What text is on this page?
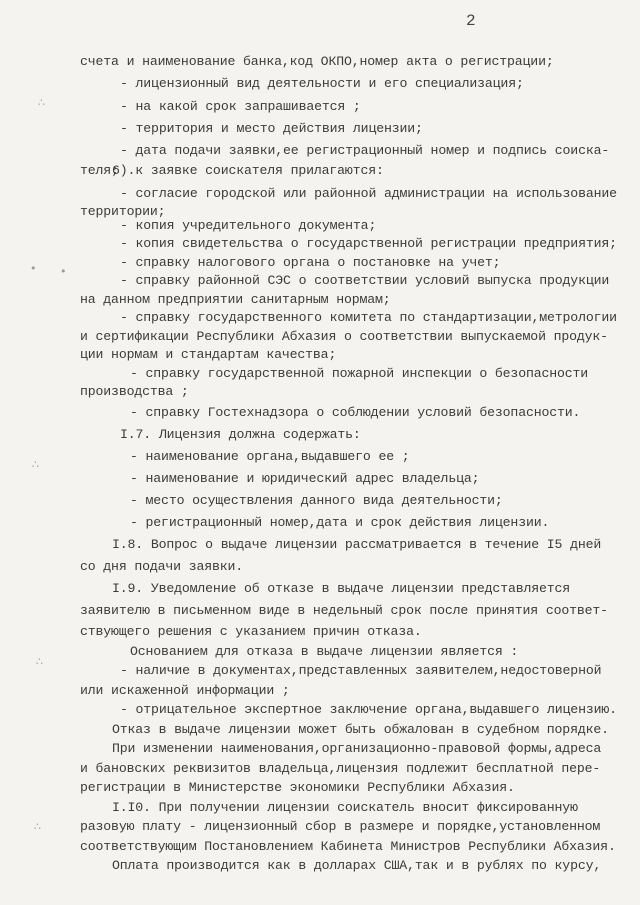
2
счета и наименование банка,код ОКПО,номер акта о регистрации;
- лицензионный вид деятельности и его специализация;
- на какой срок запрашивается ;
- территория и место действия лицензии;
- дата подачи заявки,ее регистрационный номер и подпись соиска-
теля;
6).к заявке соискателя прилагаются:
- согласие городской или районной администрации на использование
территории;
- копия учредительного документа;
- копия свидетельства о государственной регистрации предприятия;
- справку налогового органа о постановке на учет;
- справку районной СЭС о соответствии условий выпуска продукции
на данном предприятии санитарным нормам;
- справку государственного комитета по стандартизации,метрологии
и сертификации Республики Абхазия о соответствии выпускаемой продук-
ции нормам и стандартам качества;
- справку государственной пожарной инспекции о безопасности
производства ;
- справку Гостехнадзора о соблюдении условий безопасности.
I.7. Лицензия должна содержать:
- наименование органа,выдавшего ее ;
- наименование и юридический адрес владельца;
- место осуществления данного вида деятельности;
- регистрационный номер,дата и срок действия лицензии.
I.8. Вопрос о выдаче лицензии рассматривается в течение I5 дней
со дня подачи заявки.
I.9. Уведомление об отказе в выдаче лицензии представляется
заявителю в письменном виде в недельный срок после принятия соответ-
ствующего решения с указанием причин отказа.
Основанием для отказа в выдаче лицензии является :
- наличие в документах,представленных заявителем,недостоверной
или искаженной информации ;
- отрицательное экспертное заключение органа,выдавшего лицензию.
Отказ в выдаче лицензии может быть обжалован в судебном порядке.
При изменении наименования,организационно-правовой формы,адреса
и бановских реквизитов владельца,лицензия подлежит бесплатной пере-
регистрации в Министерстве экономики Республики Абхазия.
I.I0. При получении лицензии соискатель вносит фиксированную
разовую плату - лицензионный сбор в размере и порядке,установленном
соответствующим Постановлением Кабинета Министров Республики Абхазия.
Оплата производится как в долларах США,так и в рублях по курсу,
∴
• •
∴
∴
∴
